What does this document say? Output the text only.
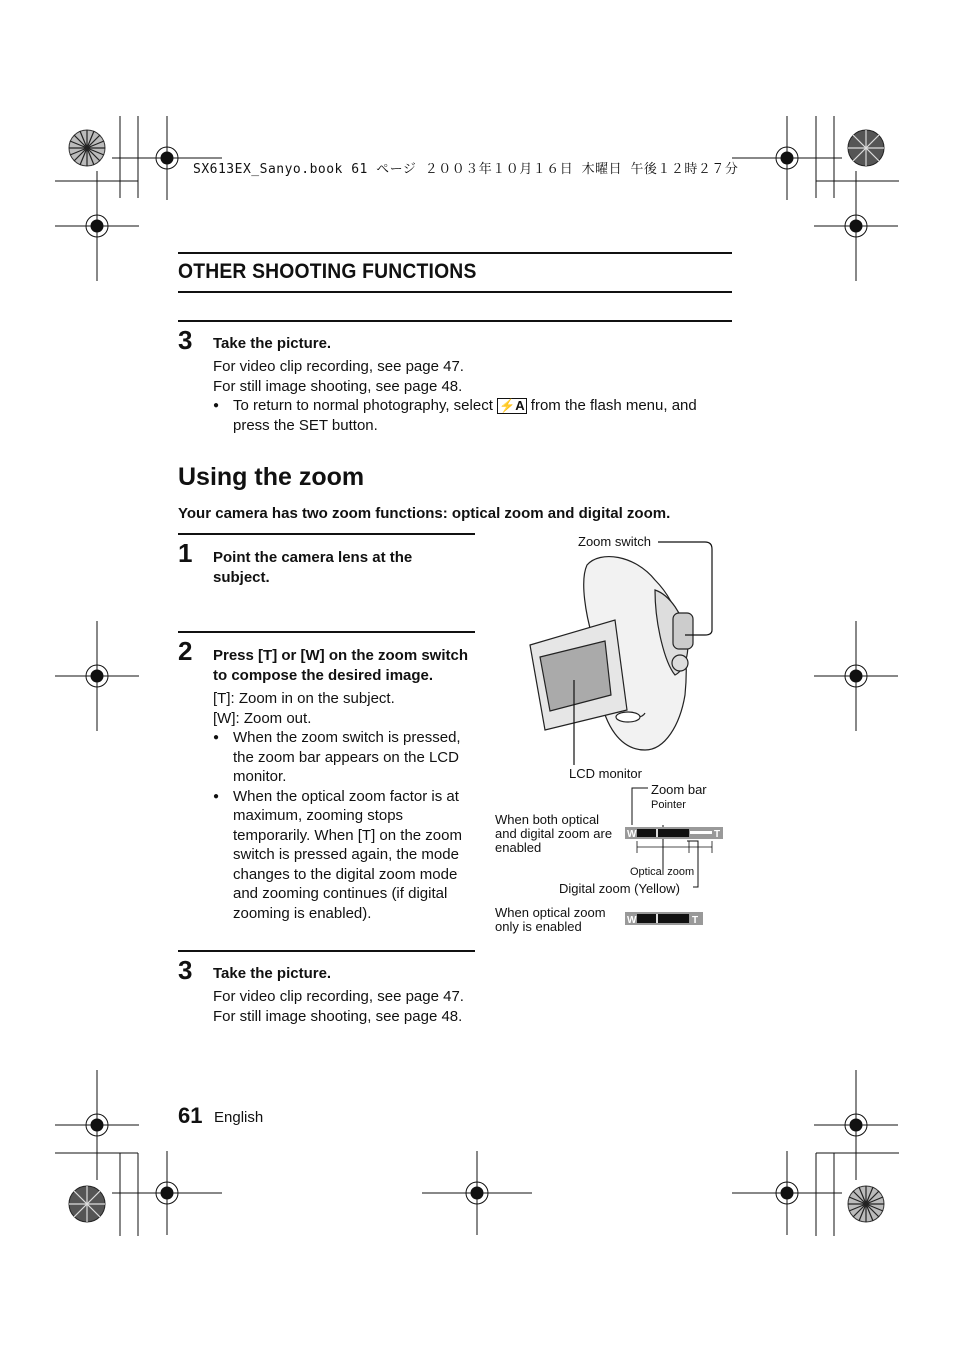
SX613EX_Sanyo.book 61 ページ ２００３年１０月１６日 木曜日 午後１２時２７分
OTHER SHOOTING FUNCTIONS
3 Take the picture.
For video clip recording, see page 47.
For still image shooting, see page 48.
● To return to normal photography, select ⚡A from the flash menu, and press the SET button.
Using the zoom
Your camera has two zoom functions: optical zoom and digital zoom.
1 Point the camera lens at the subject.
2 Press [T] or [W] on the zoom switch to compose the desired image.
[T]: Zoom in on the subject.
[W]: Zoom out.
● When the zoom switch is pressed, the zoom bar appears on the LCD monitor.
● When the optical zoom factor is at maximum, zooming stops temporarily. When [T] on the zoom switch is pressed again, the mode changes to the digital zoom mode and zooming continues (if digital zooming is enabled).
3 Take the picture.
For video clip recording, see page 47.
For still image shooting, see page 48.
Zoom switch
LCD monitor
Zoom bar
Pointer
When both optical and digital zoom are enabled
W	T
Optical zoom
Digital zoom (Yellow)
When optical zoom only is enabled	W	T
61 English
